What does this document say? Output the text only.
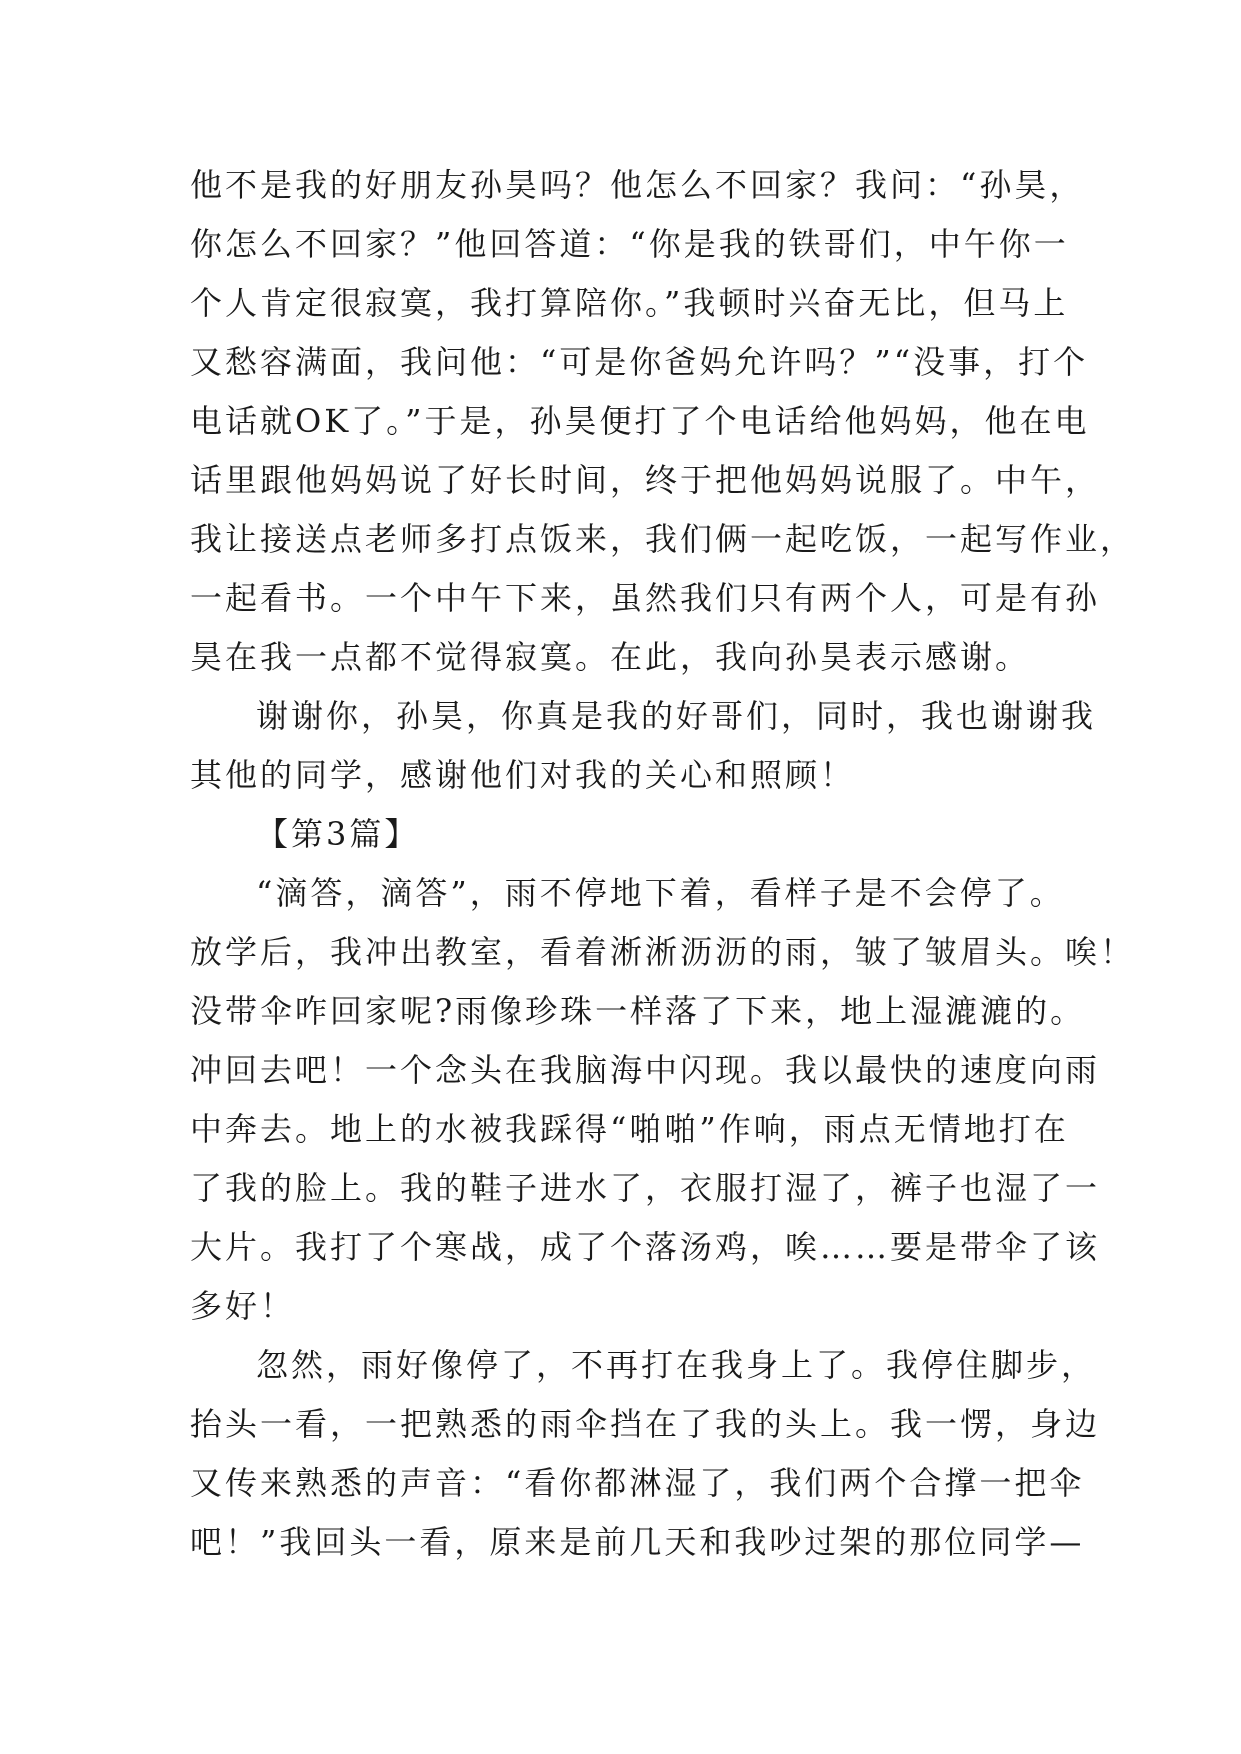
他不是我的好朋友孙昊吗？他怎么不回家？我问：“孙昊，
你怎么不回家？”他回答道：“你是我的铁哥们，中午你一
个人肯定很寂寞，我打算陪你。”我顿时兴奋无比，但马上
又愁容满面，我问他：“可是你爸妈允许吗？”“没事，打个
电话就OK了。”于是，孙昊便打了个电话给他妈妈，他在电
话里跟他妈妈说了好长时间，终于把他妈妈说服了。中午，
我让接送点老师多打点饭来，我们俩一起吃饭，一起写作业，
一起看书。一个中午下来，虽然我们只有两个人，可是有孙
昊在我一点都不觉得寂寞。在此，我向孙昊表示感谢。
谢谢你，孙昊，你真是我的好哥们，同时，我也谢谢我
其他的同学，感谢他们对我的关心和照顾！
【第3篇】
“滴答，滴答”，雨不停地下着，看样子是不会停了。
放学后，我冲出教室，看着淅淅沥沥的雨，皱了皱眉头。唉！
没带伞咋回家呢?雨像珍珠一样落了下来，地上湿漉漉的。
冲回去吧！一个念头在我脑海中闪现。我以最快的速度向雨
中奔去。地上的水被我踩得“啪啪”作响，雨点无情地打在
了我的脸上。我的鞋子进水了，衣服打湿了，裤子也湿了一
大片。我打了个寒战，成了个落汤鸡，唉……要是带伞了该
多好！
忽然，雨好像停了，不再打在我身上了。我停住脚步，
抬头一看，一把熟悉的雨伞挡在了我的头上。我一愣，身边
又传来熟悉的声音：“看你都淋湿了，我们两个合撑一把伞
吧！”我回头一看，原来是前几天和我吵过架的那位同学—
